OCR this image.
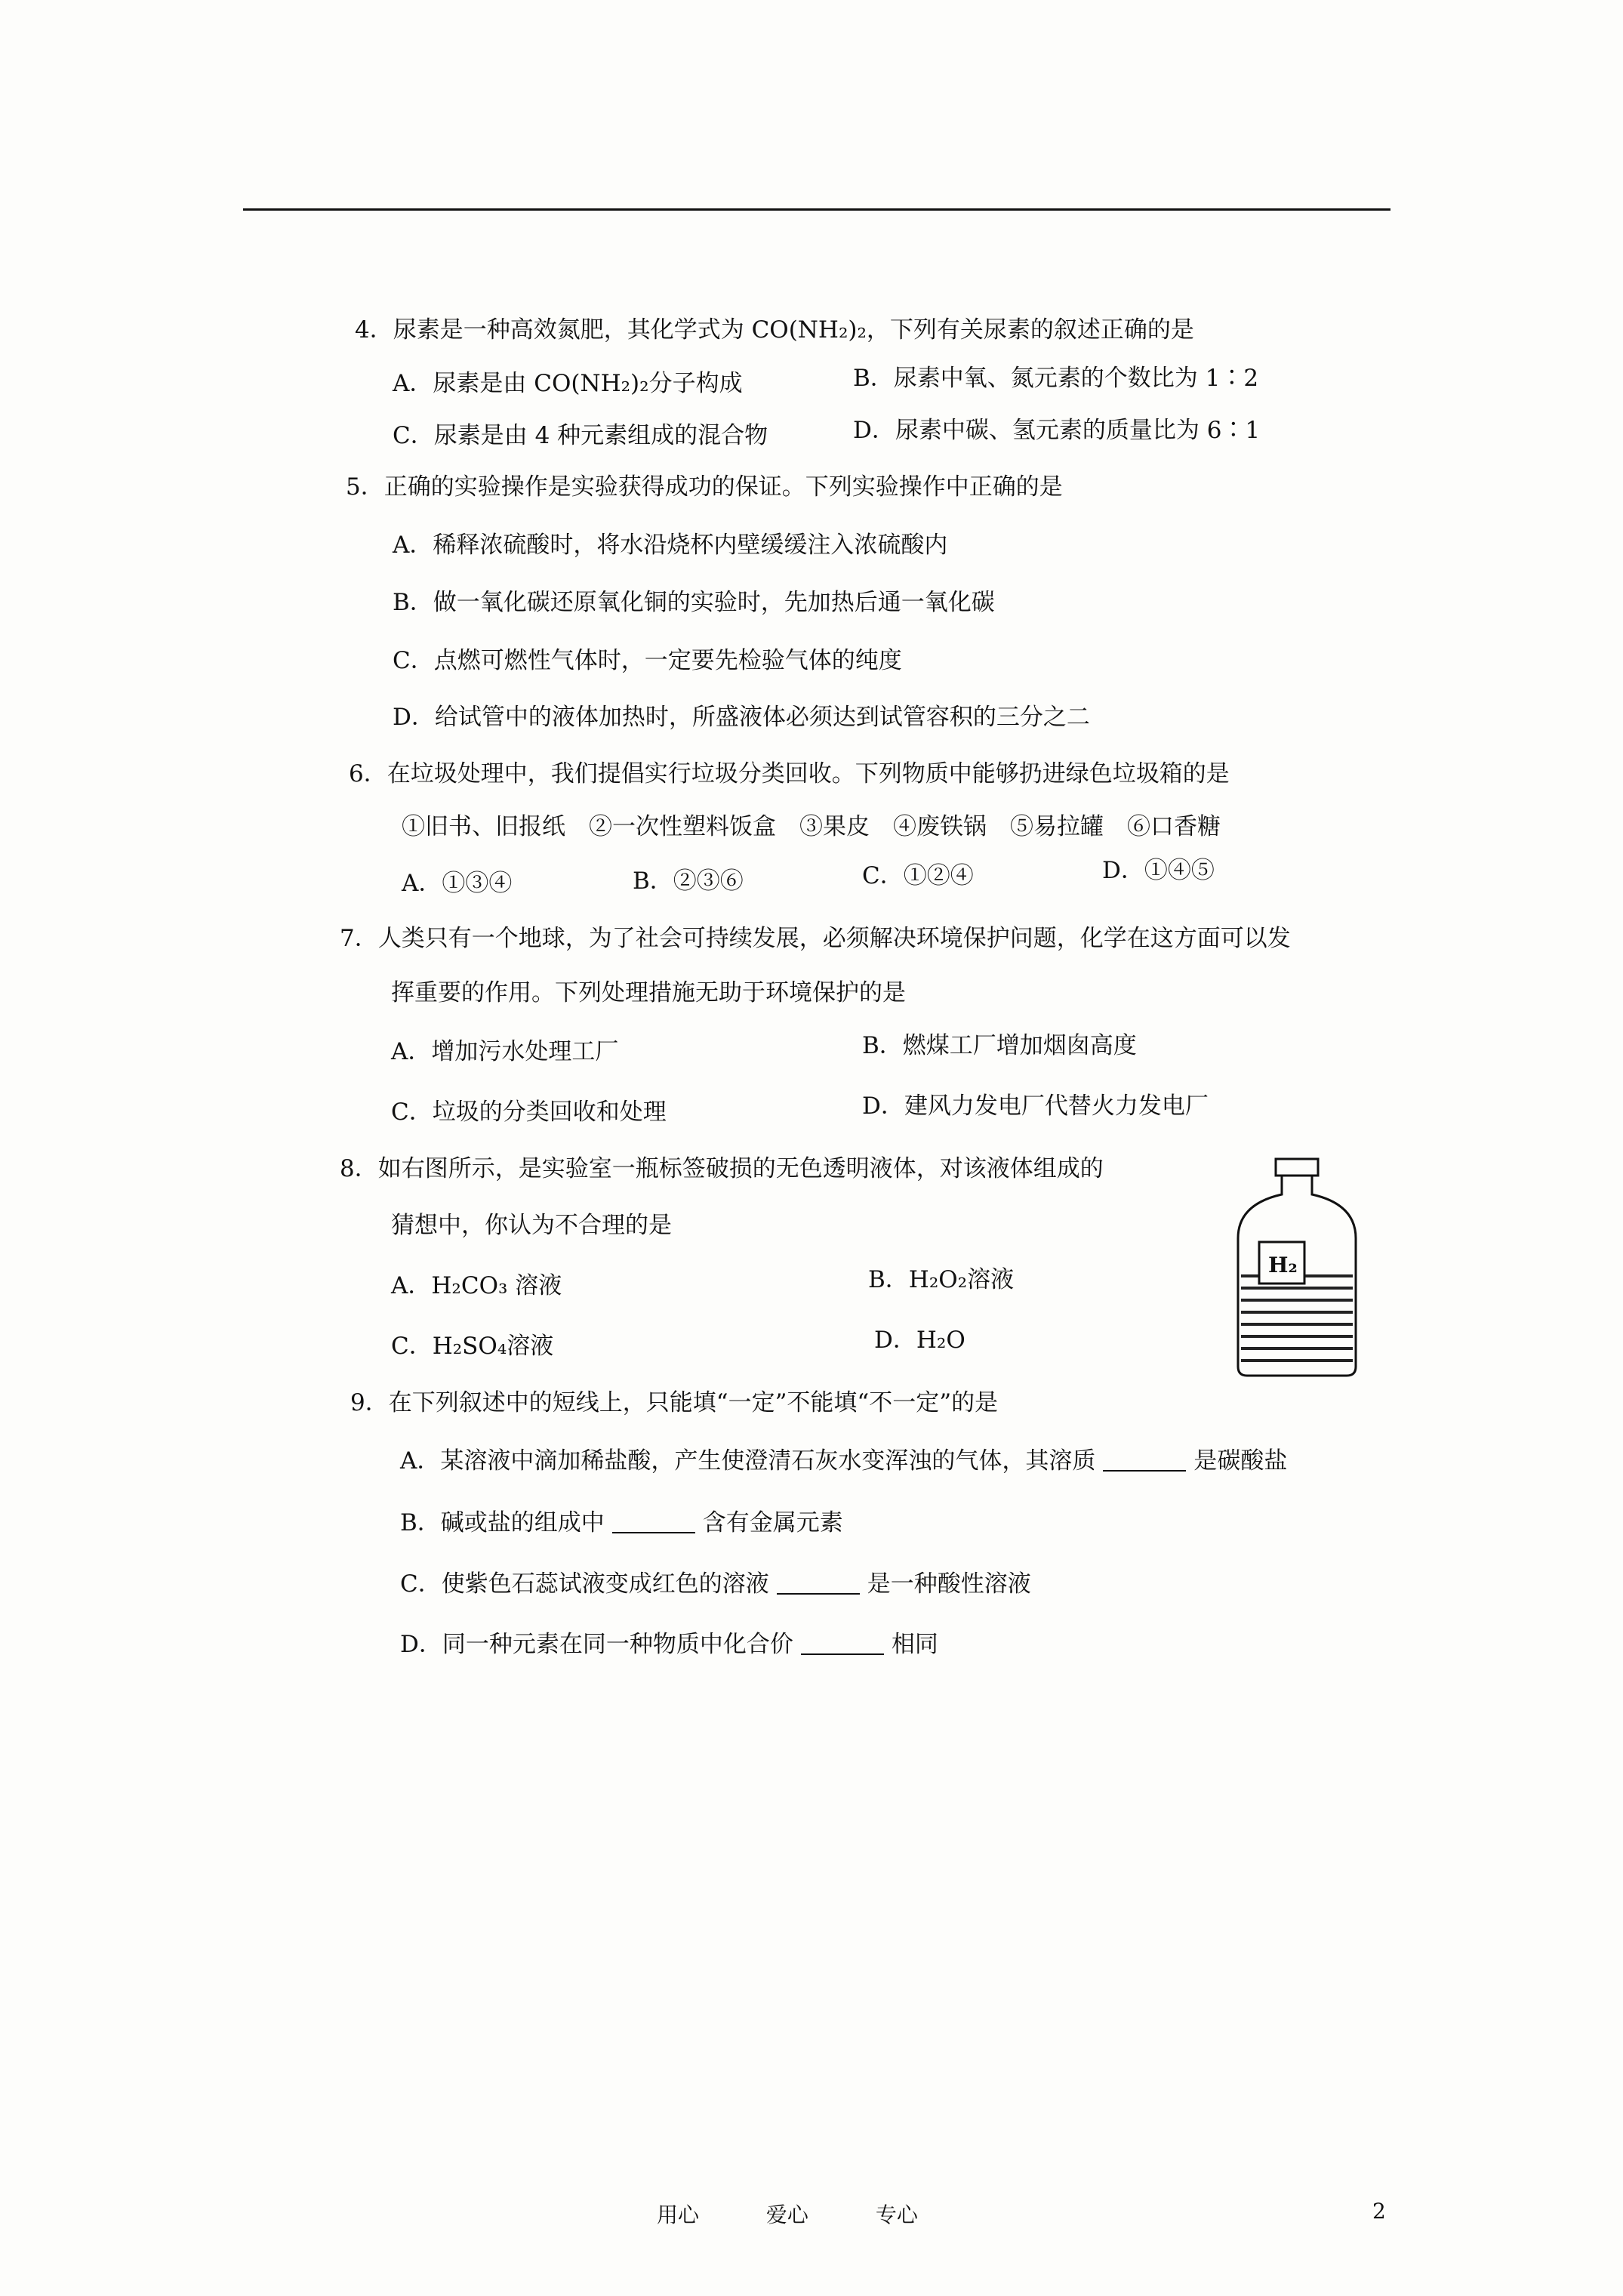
4．尿素是一种高效氮肥，其化学式为 CO(NH₂)₂，下列有关尿素的叙述正确的是
A．尿素是由 CO(NH₂)₂分子构成	B．尿素中氧、氮元素的个数比为 1∶2
C．尿素是由 4 种元素组成的混合物	D．尿素中碳、氢元素的质量比为 6∶1
5．正确的实验操作是实验获得成功的保证。下列实验操作中正确的是
A．稀释浓硫酸时，将水沿烧杯内壁缓缓注入浓硫酸内
B．做一氧化碳还原氧化铜的实验时，先加热后通一氧化碳
C．点燃可燃性气体时，一定要先检验气体的纯度
D．给试管中的液体加热时，所盛液体必须达到试管容积的三分之二
6．在垃圾处理中，我们提倡实行垃圾分类回收。下列物质中能够扔进绿色垃圾箱的是
①旧书、旧报纸　②一次性塑料饭盒　③果皮　④废铁锅　⑤易拉罐　⑥口香糖
A．①③④	B．②③⑥	C．①②④	D．①④⑤
7．人类只有一个地球，为了社会可持续发展，必须解决环境保护问题，化学在这方面可以发
挥重要的作用。下列处理措施无助于环境保护的是
A．增加污水处理工厂	B．燃煤工厂增加烟囱高度
C．垃圾的分类回收和处理	D．建风力发电厂代替火力发电厂
8．如右图所示，是实验室一瓶标签破损的无色透明液体，对该液体组成的
猜想中，你认为不合理的是
A．H₂CO₃ 溶液	B．H₂O₂溶液
C．H₂SO₄溶液	D．H₂O
9．在下列叙述中的短线上，只能填“一定”不能填“不一定”的是
A．某溶液中滴加稀盐酸，产生使澄清石灰水变浑浊的气体，其溶质	是碳酸盐
B．碱或盐的组成中	含有金属元素
C．使紫色石蕊试液变成红色的溶液	是一种酸性溶液
D．同一种元素在同一种物质中化合价	相同
H₂
用心	爱心	专心	2
